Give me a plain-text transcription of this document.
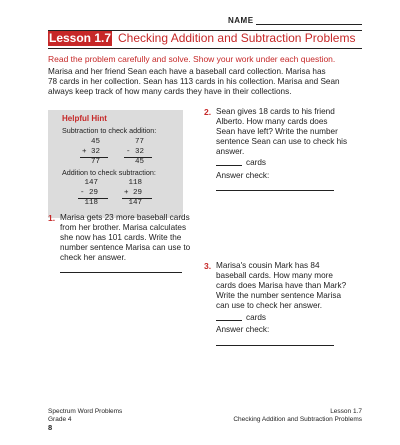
NAME
Lesson 1.7 Checking Addition and Subtraction Problems
Read the problem carefully and solve. Show your work under each question.
Marisa and her friend Sean each have a baseball card collection. Marisa has
78 cards in her collection. Sean has 113 cards in his collection. Marisa and Sean
always keep track of how many cards they have in their collections.
Helpful Hint
Subtraction to check addition:
45
+ 32
77
77
- 32
45
Addition to check subtraction:
147
- 29
118
118
+ 29
147
1. Marisa gets 23 more baseball cards
from her brother. Marisa calculates
she now has 101 cards. Write the
number sentence Marisa can use to
check her answer.
2. Sean gives 18 cards to his friend
Alberto. How many cards does
Sean have left? Write the number
sentence Sean can use to check his
answer.
cards
Answer check:
3. Marisa's cousin Mark has 84
baseball cards. How many more
cards does Marisa have than Mark?
Write the number sentence Marisa
can use to check her answer.
cards
Answer check:
Spectrum Word Problems
Grade 4
8
Lesson 1.7
Checking Addition and Subtraction Problems
